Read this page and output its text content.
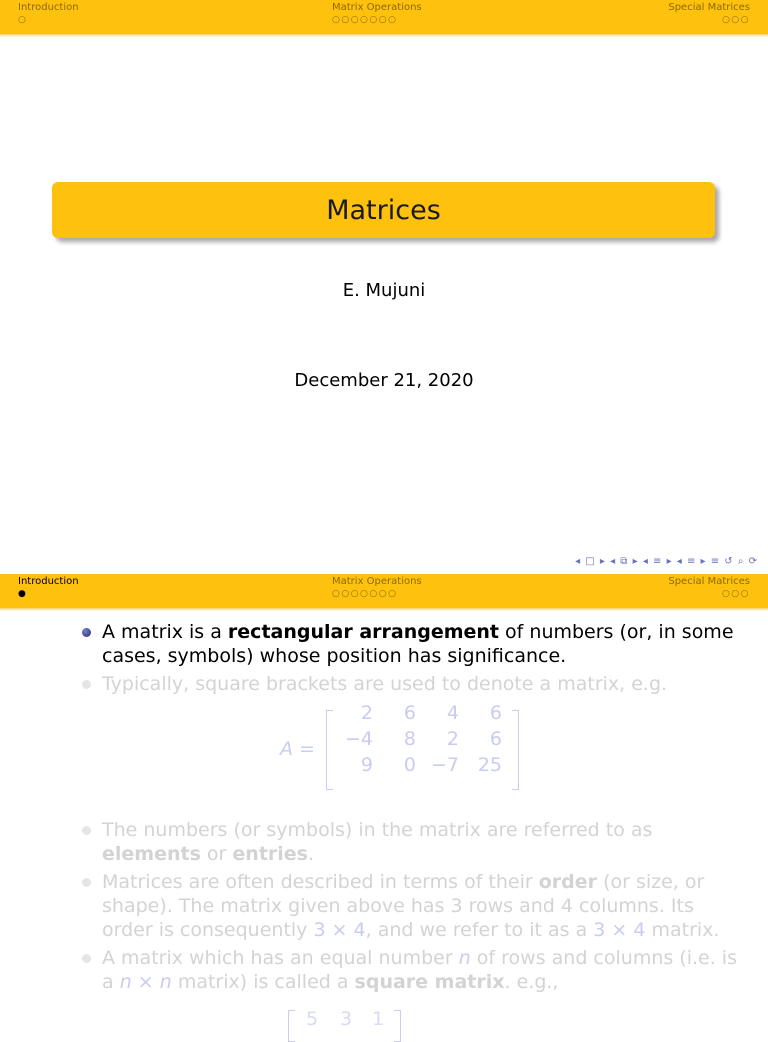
Introduction
○
Matrix Operations
○○○○○○○
Special Matrices
○○○
Matrices
E. Mujuni
December 21, 2020
◂ □ ▸ ◂ ⧉ ▸ ◂ ≡ ▸ ◂ ≡ ▸ ≡ ↺ ⌕ ⟳
Introduction
●
Matrix Operations
○○○○○○○
Special Matrices
○○○
A matrix is a rectangular arrangement of numbers (or, in some cases, symbols) whose position has significance.
Typically, square brackets are used to denote a matrix, e.g.
A =
2	6	4	6
−4	8	2	6
9	0 −7 25
The numbers (or symbols) in the matrix are referred to as elements or entries.
Matrices are often described in terms of their order (or size, or shape). The matrix given above has 3 rows and 4 columns. Its order is consequently 3 × 4, and we refer to it as a 3 × 4 matrix.
A matrix which has an equal number n of rows and columns (i.e. is a n × n matrix) is called a square matrix. e.g.,
5 3 1
